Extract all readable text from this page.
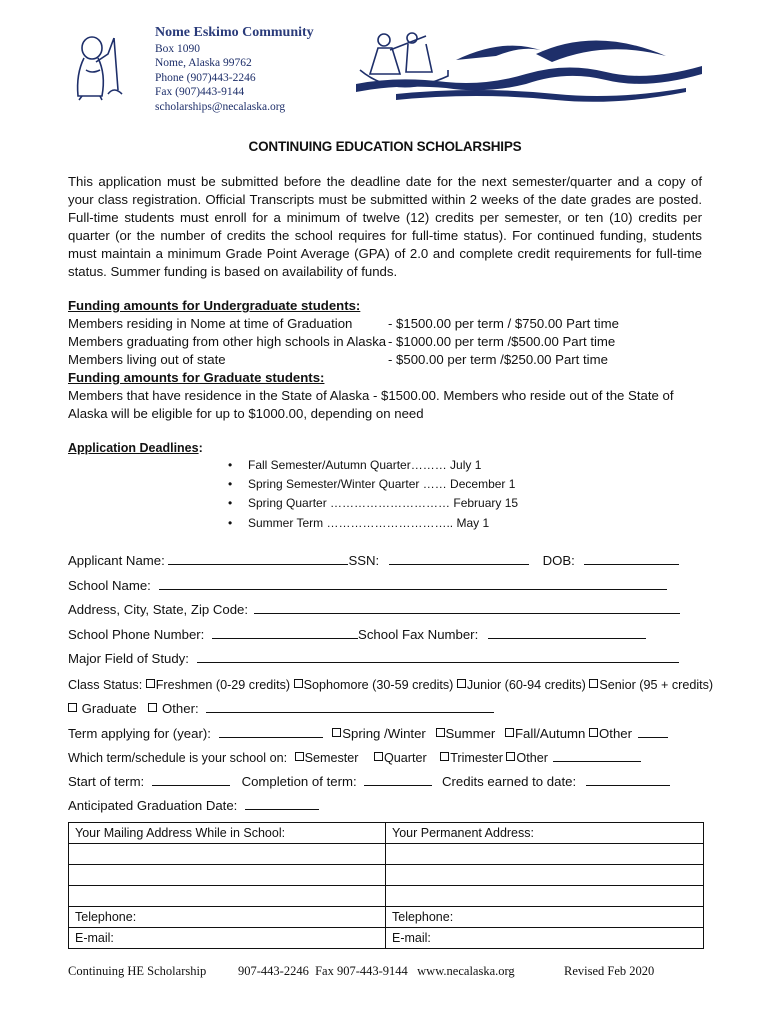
Nome Eskimo Community
Box 1090
Nome, Alaska 99762
Phone (907)443-2246
Fax (907)443-9144
scholarships@necalaska.org
CONTINUING EDUCATION SCHOLARSHIPS
This application must be submitted before the deadline date for the next semester/quarter and a copy of your class registration. Official Transcripts must be submitted within 2 weeks of the date grades are posted. Full-time students must enroll for a minimum of twelve (12) credits per semester, or ten (10) credits per quarter (or the number of credits the school requires for full-time status). For continued funding, students must maintain a minimum Grade Point Average (GPA) of 2.0 and complete credit requirements for full-time status. Summer funding is based on availability of funds.
Funding amounts for Undergraduate students:
Members residing in Nome at time of Graduation	- $1500.00 per term / $750.00 Part time
Members graduating from other high schools in Alaska - $1000.00 per term /$500.00 Part time
Members living out of state	- $500.00 per term /$250.00 Part time
Funding amounts for Graduate students:
Members that have residence in the State of Alaska - $1500.00. Members who reside out of the State of Alaska will be eligible for up to $1000.00, depending on need
Application Deadlines:
• Fall Semester/Autumn Quarter……… July 1
• Spring Semester/Winter Quarter …… December 1
• Spring Quarter ………………………… February 15
• Summer Term ………………………….. May 1
Applicant Name:	SSN:	DOB:
School Name:
Address, City, State, Zip Code:
School Phone Number:	School Fax Number:
Major Field of Study:
Class Status: Freshmen (0-29 credits) Sophomore (30-59 credits) Junior (60-94 credits) Senior (95 + credits)
Graduate Other:
Term applying for (year):	Spring /Winter Summer Fall/Autumn Other
Which term/schedule is your school on: Semester Quarter Trimester Other
Start of term:	Completion of term:	Credits earned to date:
Anticipated Graduation Date:
Your Mailing Address While in School:	Your Permanent Address:

Telephone:	Telephone:
E-mail:	E-mail:
Continuing HE Scholarship	907-443-2246  Fax 907-443-9144   www.necalaska.org	Revised Feb 2020
